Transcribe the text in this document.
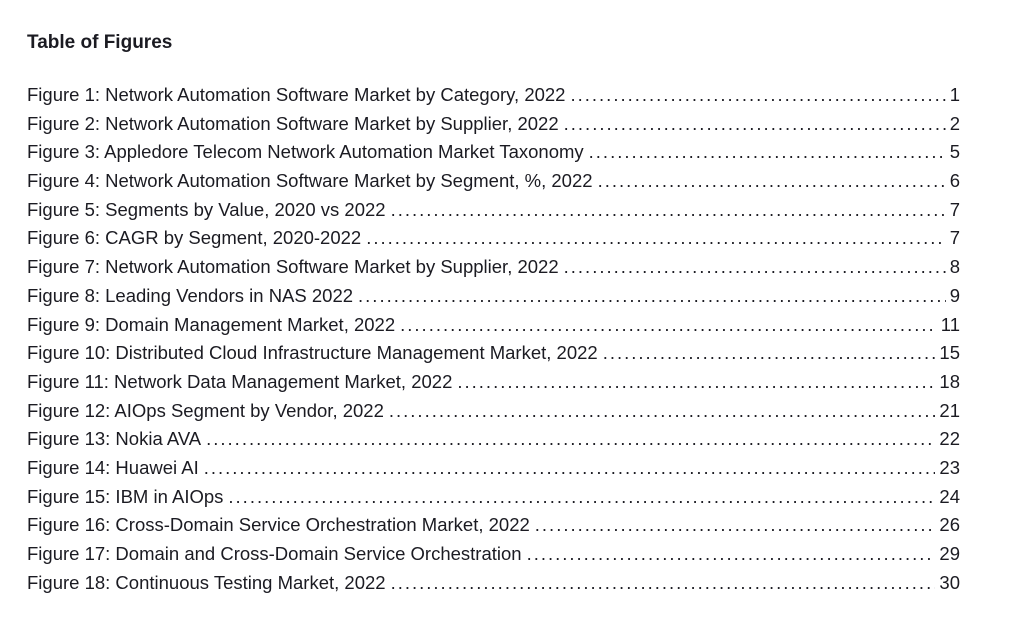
Table of Figures
Figure 1: Network Automation Software Market by Category, 2022 .....	1
Figure 2: Network Automation Software Market by Supplier, 2022 .....	2
Figure 3: Appledore Telecom Network Automation Market Taxonomy .....	5
Figure 4: Network Automation Software Market by Segment, %, 2022 .....	6
Figure 5: Segments by Value, 2020 vs 2022 .....	7
Figure 6: CAGR by Segment, 2020-2022 .....	7
Figure 7: Network Automation Software Market by Supplier, 2022 .....	8
Figure 8: Leading Vendors in NAS 2022 .....	9
Figure 9: Domain Management Market, 2022 .....	11
Figure 10: Distributed Cloud Infrastructure Management Market, 2022 .....	15
Figure 11: Network Data Management Market, 2022 .....	18
Figure 12: AIOps Segment by Vendor, 2022 .....	21
Figure 13: Nokia AVA .....	22
Figure 14: Huawei AI .....	23
Figure 15: IBM in AIOps .....	24
Figure 16: Cross-Domain Service Orchestration Market, 2022 .....	26
Figure 17: Domain and Cross-Domain Service Orchestration .....	29
Figure 18: Continuous Testing Market, 2022 .....	30
